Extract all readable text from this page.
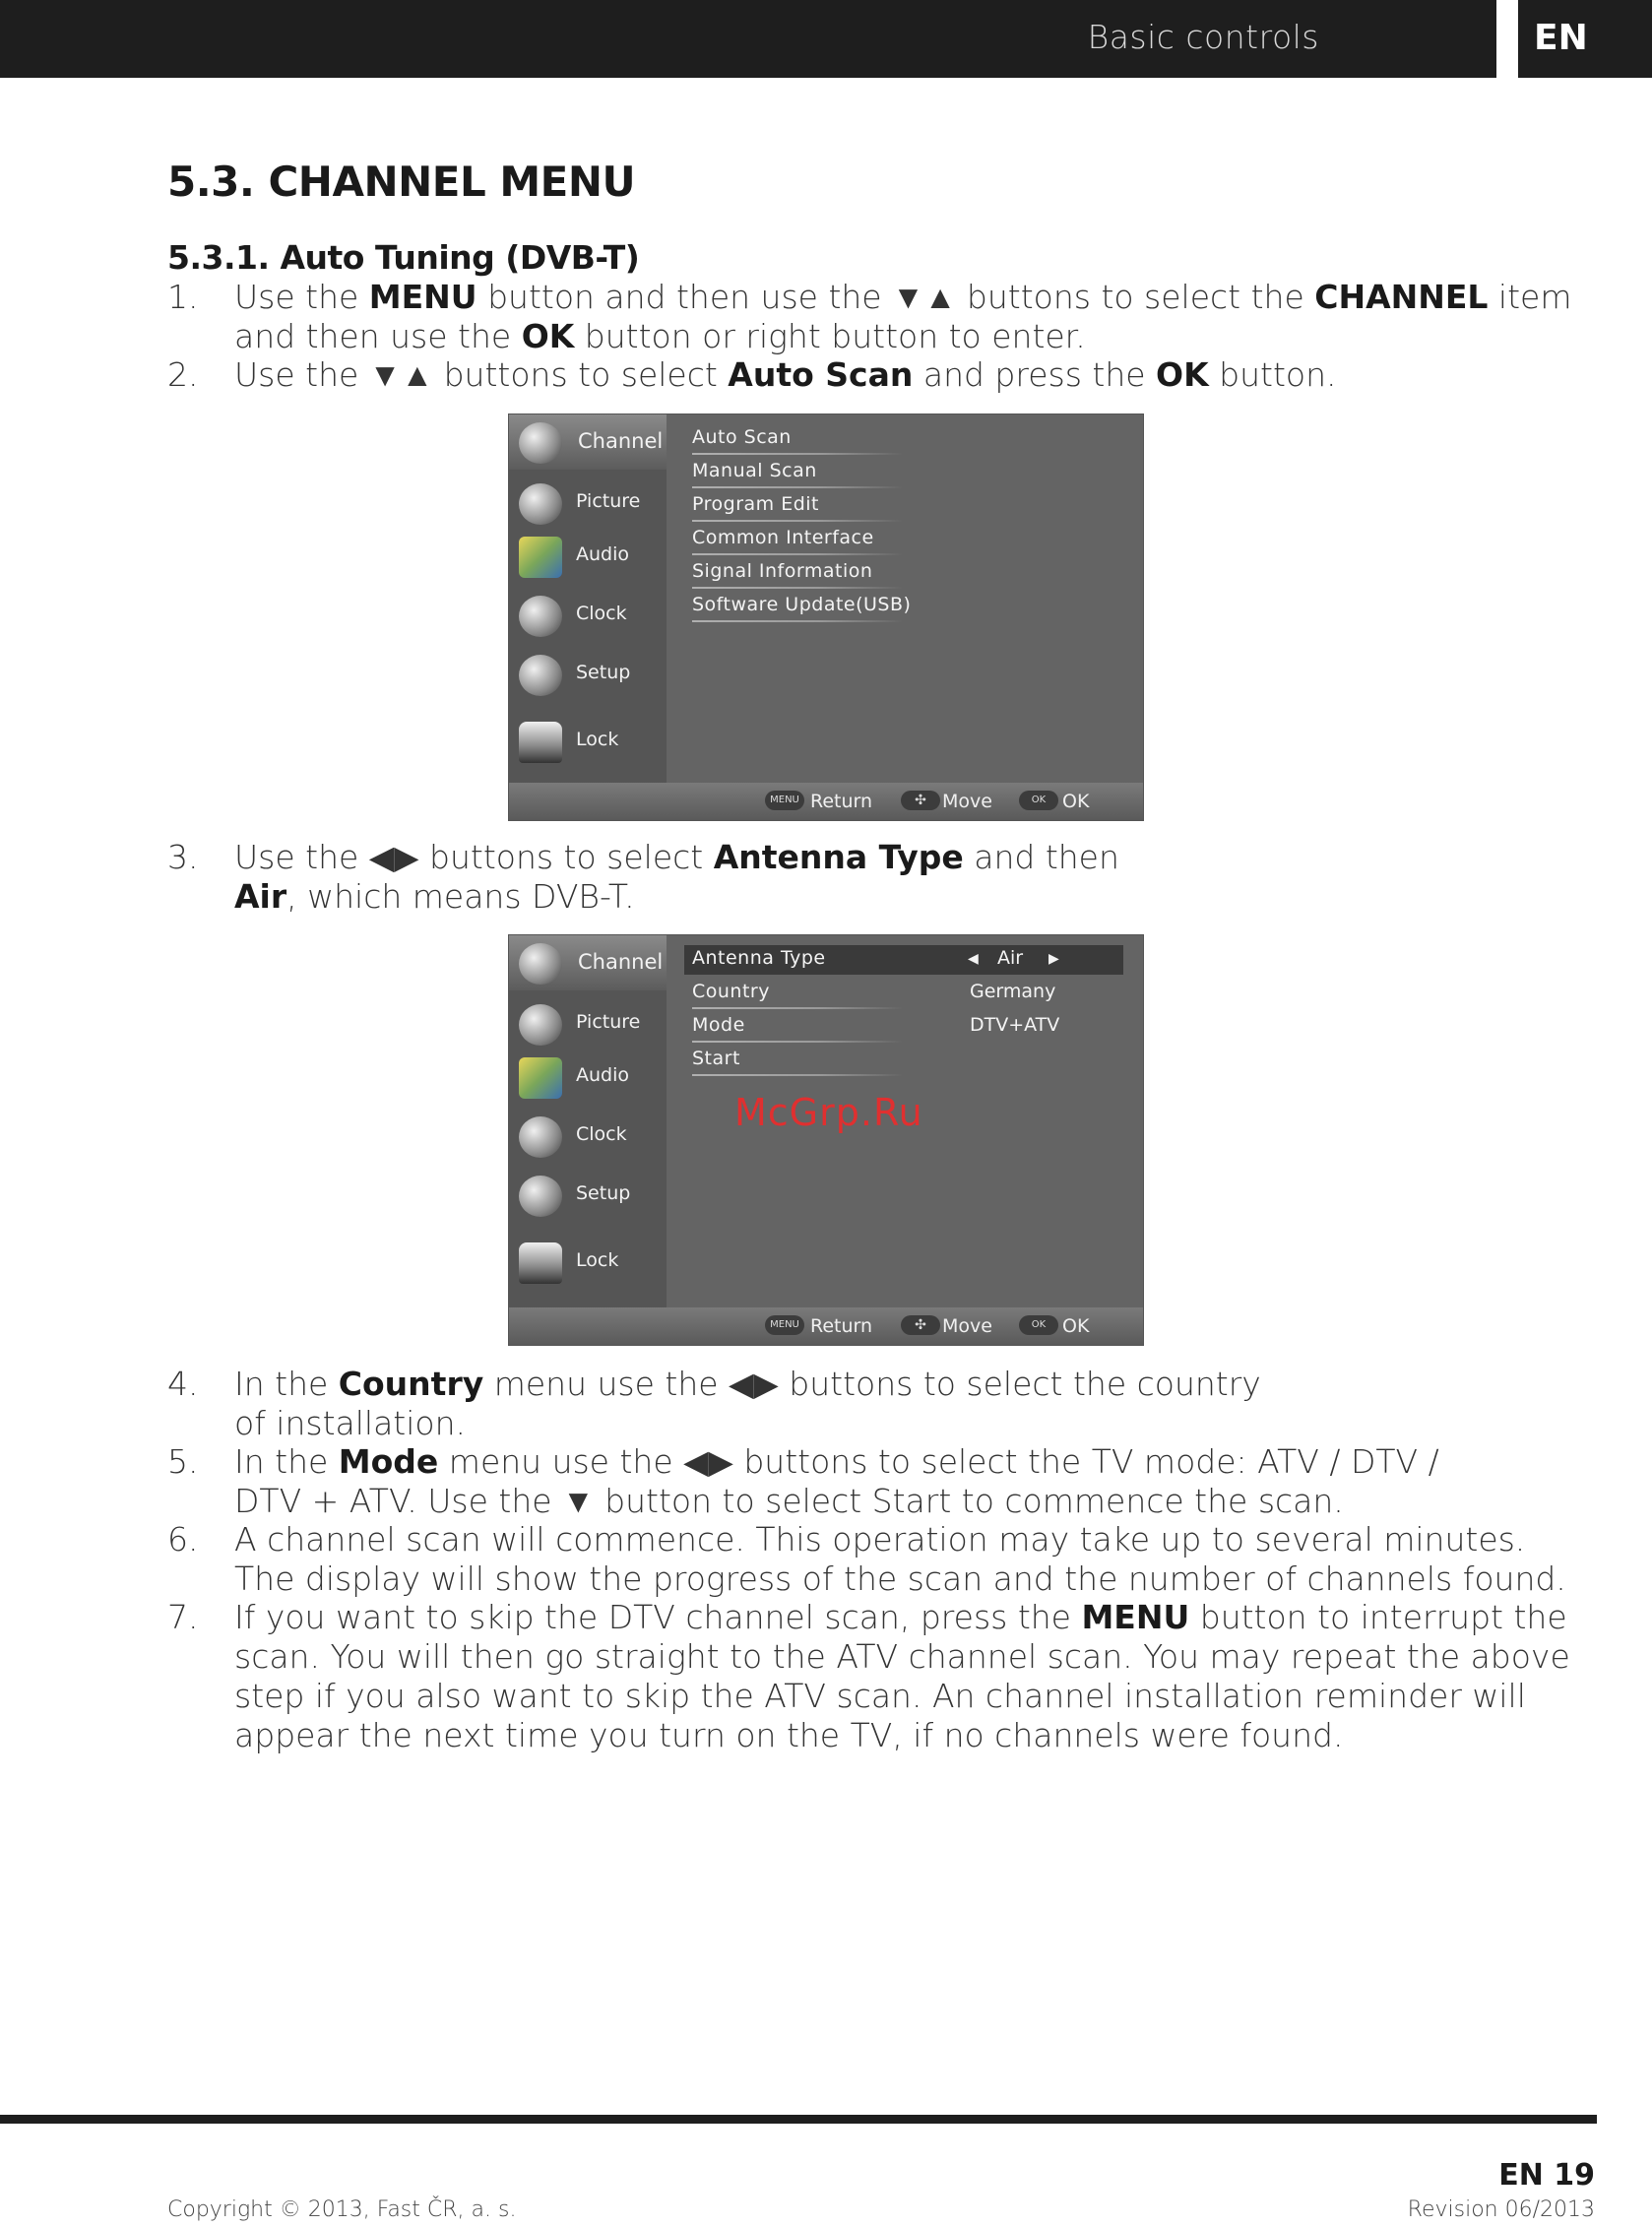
Basic controls	EN
5.3. CHANNEL MENU
5.3.1. Auto Tuning (DVB-T)
1.	Use the MENU button and then use the ▼▲ buttons to select the CHANNEL item
and then use the OK button or right button to enter.
2.	Use the ▼▲ buttons to select Auto Scan and press the OK button.
3.	Use the ◀▶ buttons to select Antenna Type and then
Air, which means DVB-T.
4.	In the Country menu use the ◀▶ buttons to select the country
of installation.
5.	In the Mode menu use the ◀▶ buttons to select the TV mode: ATV / DTV /
DTV + ATV. Use the ▼ button to select Start to commence the scan.
6.	A channel scan will commence. This operation may take up to several minutes.
The display will show the progress of the scan and the number of channels found.
7.	If you want to skip the DTV channel scan, press the MENU button to interrupt the
scan. You will then go straight to the ATV channel scan. You may repeat the above
step if you also want to skip the ATV scan. An channel installation reminder will
appear the next time you turn on the TV, if no channels were found.
Channel
Picture
Audio
Clock
Setup
Lock
Auto Scan
Manual Scan
Program Edit
Common Interface
Signal Information
Software Update(USB)
MENU Return	✣ Move	OK OK
Channel
Picture
Audio
Clock
Setup
Lock
Antenna Type	Air
◀	▶
Country	Germany
Mode	DTV+ATV
Start
MENU Return	✣ Move	OK OK
McGrp.Ru
EN 19
Copyright © 2013, Fast ČR, a. s.	Revision 06/2013
